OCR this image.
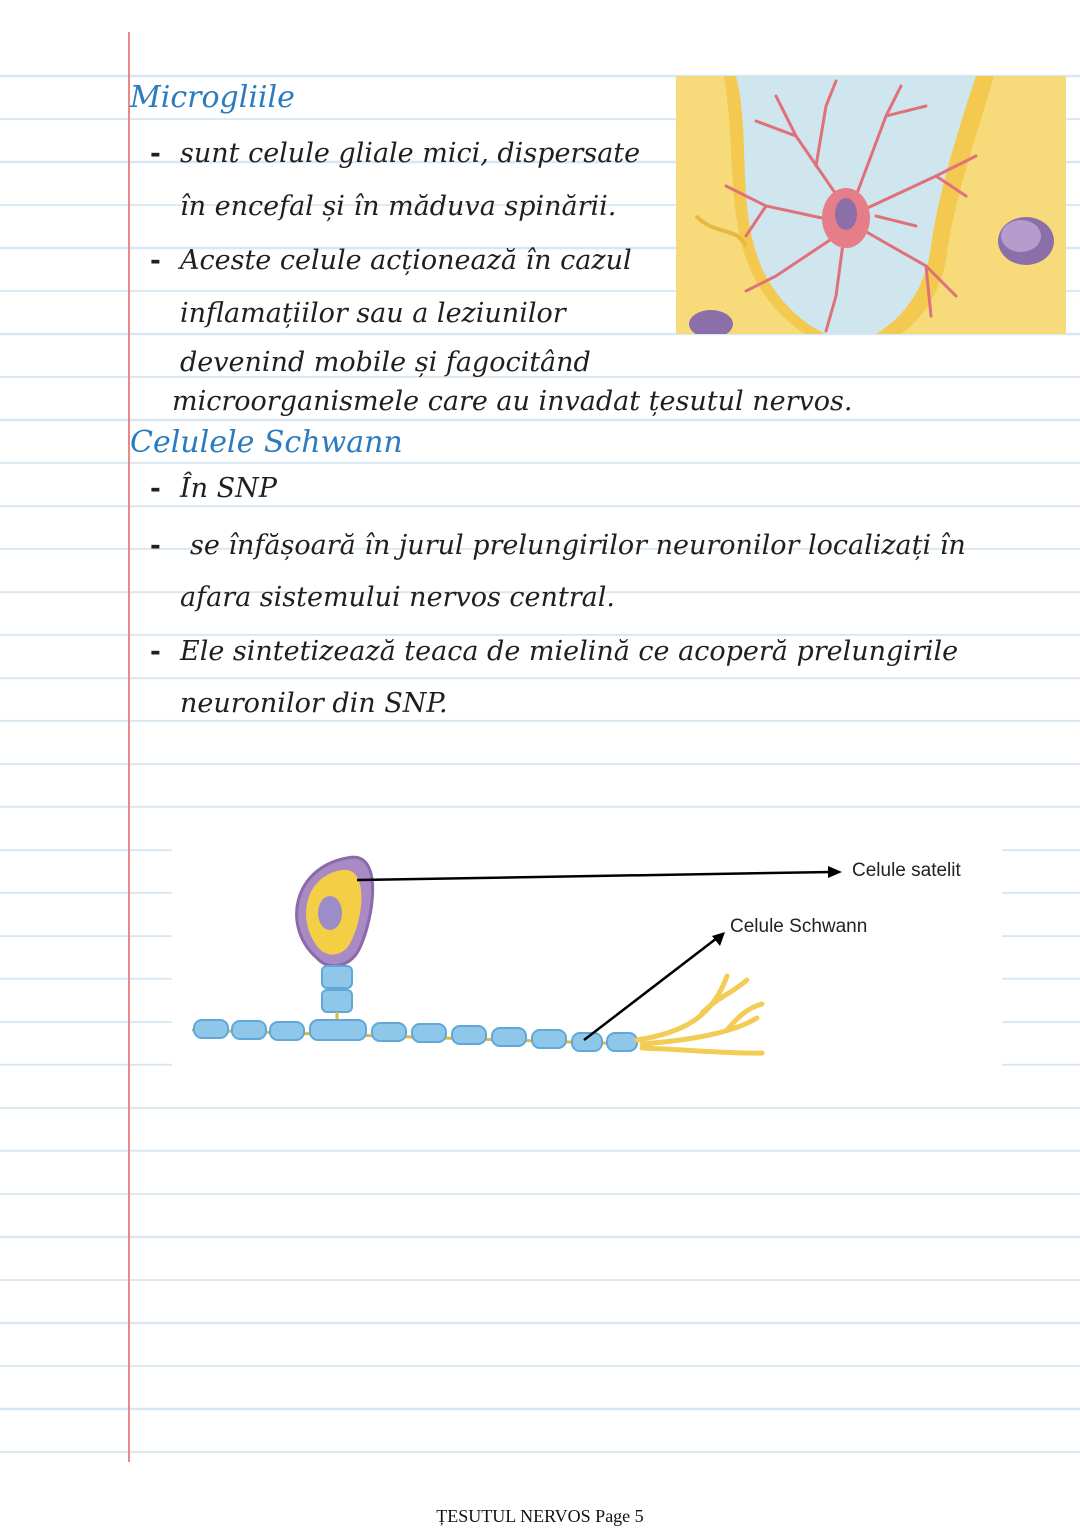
Microgliile
- sunt celule gliale mici, dispersate
în encefal și în măduva spinării.
- Aceste celule acționează în cazul
inflamațiilor sau a leziunilor
devenind mobile și fagocitând
microorganismele care au invadat țesutul nervos.
Celulele Schwann
- În SNP
- se înfășoară în jurul prelungirilor neuronilor localizați în
afara sistemului nervos central.
- Ele sintetizează teaca de mielină ce acoperă prelungirile
neuronilor din SNP.
Celule satelit
Celule Schwann
ȚESUTUL NERVOS Page 5
